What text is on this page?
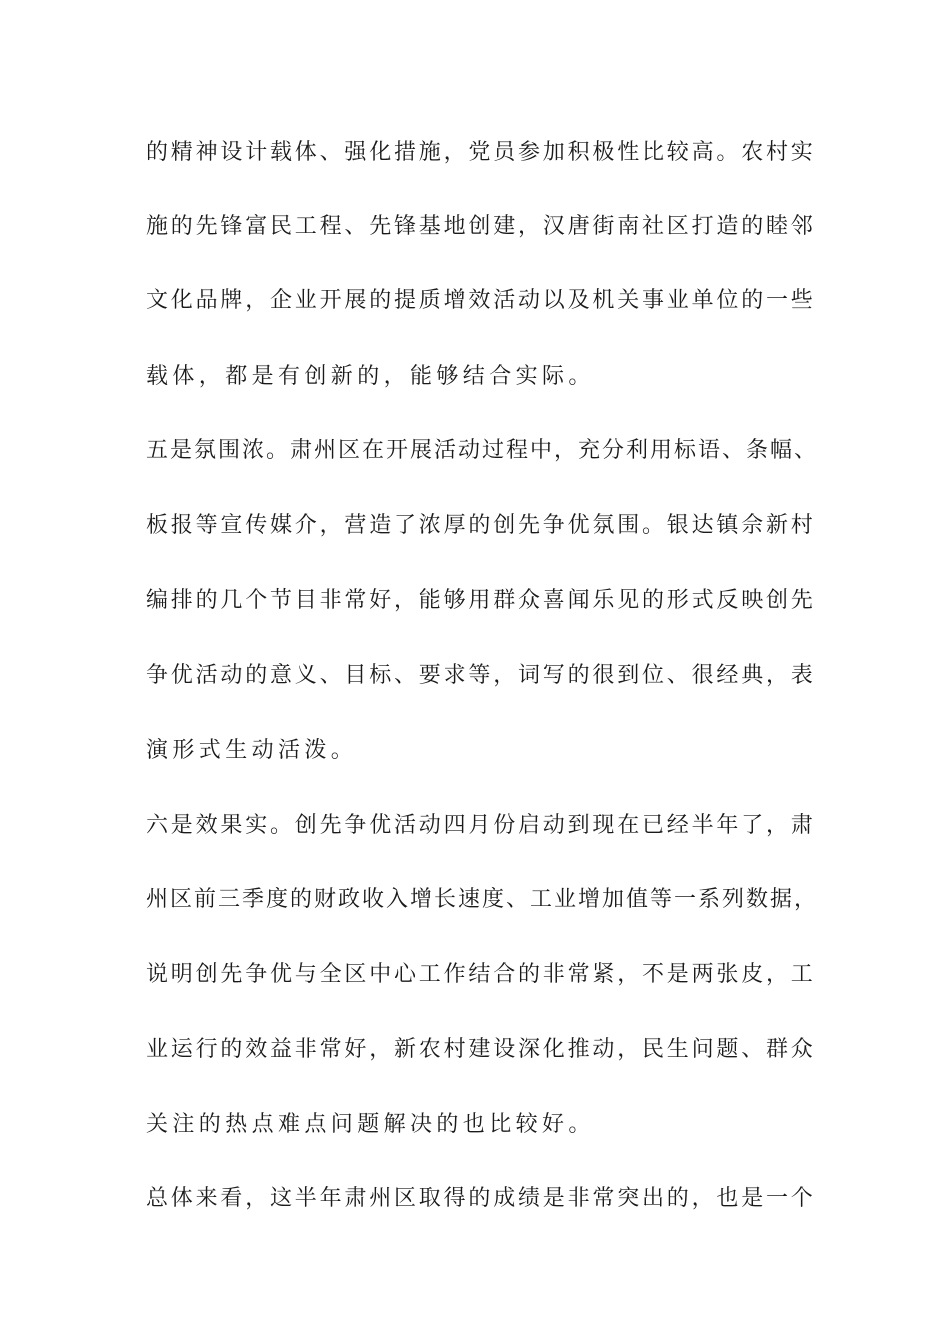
的精神设计载体、强化措施，党员参加积极性比较高。农村实
施的先锋富民工程、先锋基地创建，汉唐街南社区打造的睦邻
文化品牌，企业开展的提质增效活动以及机关事业单位的一些
载体，都是有创新的，能够结合实际。
五是氛围浓。肃州区在开展活动过程中，充分利用标语、条幅、
板报等宣传媒介，营造了浓厚的创先争优氛围。银达镇佘新村
编排的几个节目非常好，能够用群众喜闻乐见的形式反映创先
争优活动的意义、目标、要求等，词写的很到位、很经典，表
演形式生动活泼。
六是效果实。创先争优活动四月份启动到现在已经半年了，肃
州区前三季度的财政收入增长速度、工业增加值等一系列数据，
说明创先争优与全区中心工作结合的非常紧，不是两张皮，工
业运行的效益非常好，新农村建设深化推动，民生问题、群众
关注的热点难点问题解决的也比较好。
总体来看，这半年肃州区取得的成绩是非常突出的，也是一个
